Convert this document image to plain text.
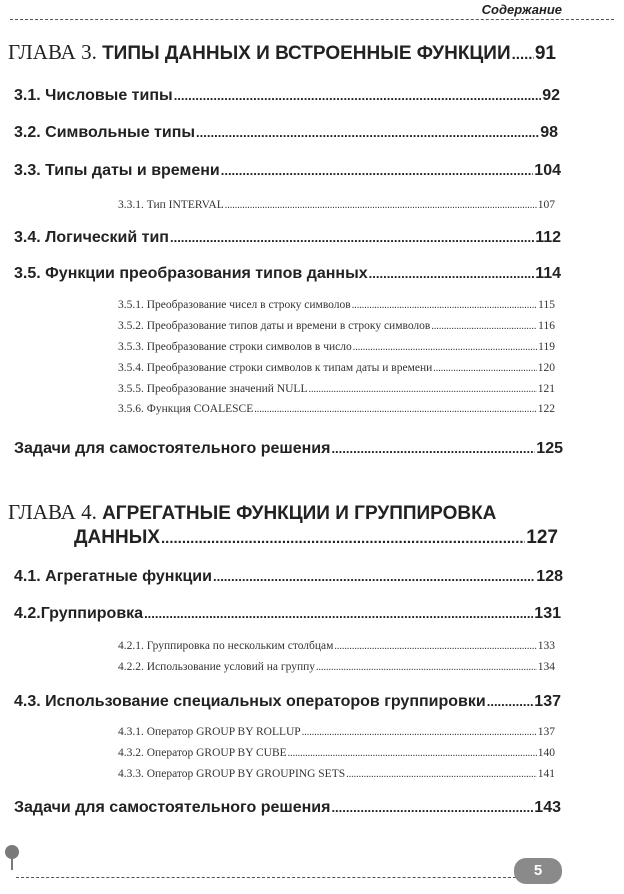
Содержание
ГЛАВА 3. ТИПЫ ДАННЫХ И ВСТРОЕННЫЕ ФУНКЦИИ ..... 91
3.1. Числовые типы .....	92
3.2. Символьные типы .....	98
3.3. Типы даты и времени .....	104
3.3.1. Тип INTERVAL .....	107
3.4. Логический тип .....	112
3.5. Функции преобразования типов данных .....	114
3.5.1. Преобразование чисел в строку символов .....	115
3.5.2. Преобразование типов даты и времени в строку символов .....	116
3.5.3. Преобразование строки символов в число .....	119
3.5.4. Преобразование строки символов к типам даты и времени .....	120
3.5.5. Преобразование значений NULL .....	121
3.5.6. Функция COALESCE .....	122
Задачи для самостоятельного решения .....	125
ГЛАВА 4. АГРЕГАТНЫЕ ФУНКЦИИ И ГРУППИРОВКА
ДАННЫХ .....	127
4.1. Агрегатные функции .....	128
4.2.Группировка .....	131
4.2.1. Группировка по нескольким столбцам .....	133
4.2.2. Использование условий на группу .....	134
4.3. Использование специальных операторов группировки .....	137
4.3.1. Оператор GROUP BY ROLLUP .....	137
4.3.2. Оператор GROUP BY CUBE .....	140
4.3.3. Оператор GROUP BY GROUPING SETS .....	141
Задачи для самостоятельного решения .....	143
5
